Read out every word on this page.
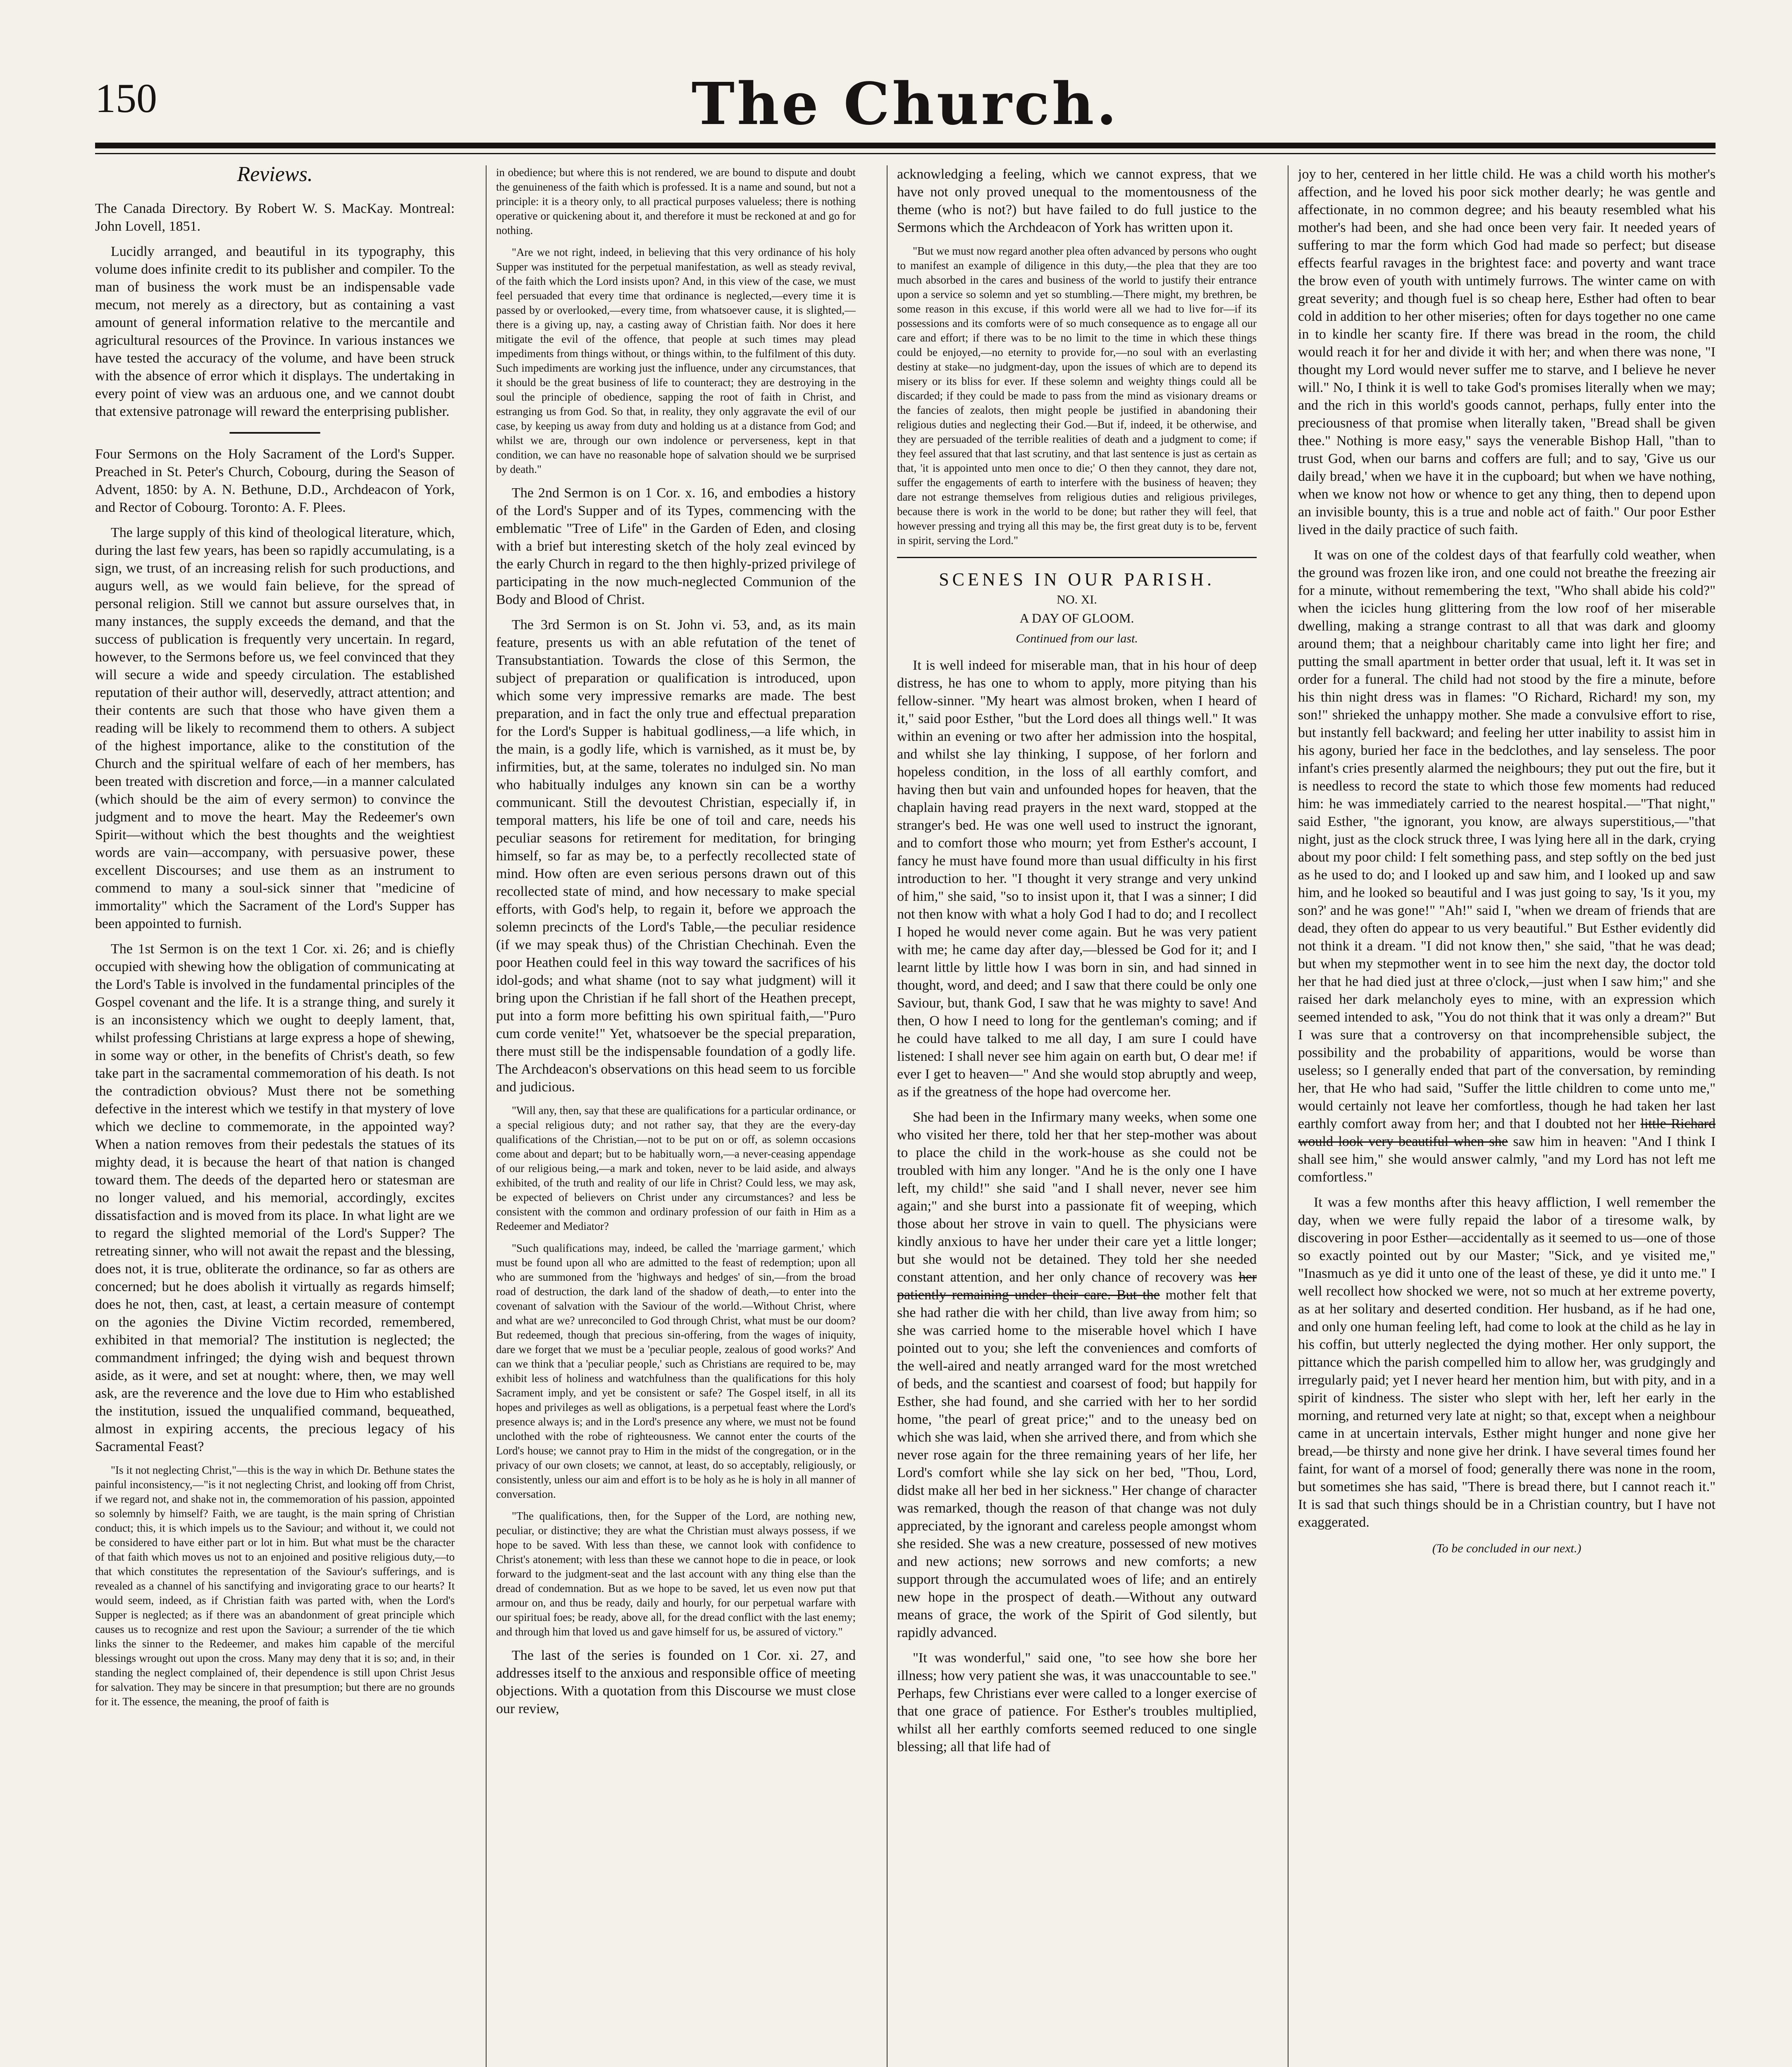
150	The Church.
Reviews.

The Canada Directory. By Robert W. S. MacKay. Montreal: John Lovell, 1851.

Lucidly arranged, and beautiful in its typography, this volume does infinite credit to its publisher and compiler. To the man of business the work must be an indispensable vade mecum, not merely as a directory, but as containing a vast amount of general information relative to the mercantile and agricultural resources of the Province. In various instances we have tested the accuracy of the volume, and have been struck with the absence of error which it displays. The undertaking in every point of view was an arduous one, and we cannot doubt that extensive patronage will reward the enterprising publisher.

Four Sermons on the Holy Sacrament of the Lord's Supper. Preached in St. Peter's Church, Cobourg, during the Season of Advent, 1850: by A. N. Bethune, D.D., Archdeacon of York, and Rector of Cobourg. Toronto: A. F. Plees.

The large supply of this kind of theological literature, which, during the last few years, has been so rapidly accumulating, is a sign, we trust, of an increasing relish for such productions, and augurs well, as we would fain believe, for the spread of personal religion. Still we cannot but assure ourselves that, in many instances, the supply exceeds the demand, and that the success of publication is frequently very uncertain. In regard, however, to the Sermons before us, we feel convinced that they will secure a wide and speedy circulation. The established reputation of their author will, deservedly, attract attention; and their contents are such that those who have given them a reading will be likely to recommend them to others. A subject of the highest importance, alike to the constitution of the Church and the spiritual welfare of each of her members, has been treated with discretion and force,—in a manner calculated (which should be the aim of every sermon) to convince the judgment and to move the heart. May the Redeemer's own Spirit—without which the best thoughts and the weightiest words are vain—accompany, with persuasive power, these excellent Discourses; and use them as an instrument to commend to many a soul-sick sinner that "medicine of immortality" which the Sacrament of the Lord's Supper has been appointed to furnish.

The 1st Sermon is on the text 1 Cor. xi. 26; and is chiefly occupied with shewing how the obligation of communicating at the Lord's Table is involved in the fundamental principles of the Gospel covenant and the life. It is a strange thing, and surely it is an inconsistency which we ought to deeply lament, that, whilst professing Christians at large express a hope of shewing, in some way or other, in the benefits of Christ's death, so few take part in the sacramental commemoration of his death. Is not the contradiction obvious? Must there not be something defective in the interest which we testify in that mystery of love which we decline to commemorate, in the appointed way? When a nation removes from their pedestals the statues of its mighty dead, it is because the heart of that nation is changed toward them. The deeds of the departed hero or statesman are no longer valued, and his memorial, accordingly, excites dissatisfaction and is moved from its place. In what light are we to regard the slighted memorial of the Lord's Supper? The retreating sinner, who will not await the repast and the blessing, does not, it is true, obliterate the ordinance, so far as others are concerned; but he does abolish it virtually as regards himself; does he not, then, cast, at least, a certain measure of contempt on the agonies the Divine Victim recorded, remembered, exhibited in that memorial? The institution is neglected; the commandment infringed; the dying wish and bequest thrown aside, as it were, and set at nought: where, then, we may well ask, are the reverence and the love due to Him who established the institution, issued the unqualified command, bequeathed, almost in expiring accents, the precious legacy of his Sacramental Feast?

"Is it not neglecting Christ,"—this is the way in which Dr. Bethune states the painful inconsistency,—"is it not neglecting Christ, and looking off from Christ, if we regard not, and shake not in, the commemoration of his passion, appointed so solemnly by himself? Faith, we are taught, is the main spring of Christian conduct; this, it is which impels us to the Saviour; and without it, we could not be considered to have either part or lot in him. But what must be the character of that faith which moves us not to an enjoined and positive religious duty,—to that which constitutes the representation of the Saviour's sufferings, and is revealed as a channel of his sanctifying and invigorating grace to our hearts? It would seem, indeed, as if Christian faith was parted with, when the Lord's Supper is neglected; as if there was an abandonment of great principle which causes us to recognize and rest upon the Saviour; a surrender of the tie which links the sinner to the Redeemer, and makes him capable of the merciful blessings wrought out upon the cross. Many may deny that it is so; and, in their standing the neglect complained of, their dependence is still upon Christ Jesus for salvation. They may be sincere in that presumption; but there are no grounds for it. The essence, the meaning, the proof of faith is

in obedience; but where this is not rendered, we are bound to dispute and doubt the genuineness of the faith which is professed. It is a name and sound, but not a principle: it is a theory only, to all practical purposes valueless; there is nothing operative or quickening about it, and therefore it must be reckoned at and go for nothing.

"Are we not right, indeed, in believing that this very ordinance of his holy Supper was instituted for the perpetual manifestation, as well as steady revival, of the faith which the Lord insists upon? And, in this view of the case, we must feel persuaded that every time that ordinance is neglected,—every time it is passed by or overlooked,—every time, from whatsoever cause, it is slighted,—there is a giving up, nay, a casting away of Christian faith. Nor does it here mitigate the evil of the offence, that people at such times may plead impediments from things without, or things within, to the fulfilment of this duty. Such impediments are working just the influence, under any circumstances, that it should be the great business of life to counteract; they are destroying in the soul the principle of obedience, sapping the root of faith in Christ, and estranging us from God. So that, in reality, they only aggravate the evil of our case, by keeping us away from duty and holding us at a distance from God; and whilst we are, through our own indolence or perverseness, kept in that condition, we can have no reasonable hope of salvation should we be surprised by death."

The 2nd Sermon is on 1 Cor. x. 16, and embodies a history of the Lord's Supper and of its Types, commencing with the emblematic "Tree of Life" in the Garden of Eden, and closing with a brief but interesting sketch of the holy zeal evinced by the early Church in regard to the then highly-prized privilege of participating in the now much-neglected Communion of the Body and Blood of Christ.

The 3rd Sermon is on St. John vi. 53, and, as its main feature, presents us with an able refutation of the tenet of Transubstantiation. Towards the close of this Sermon, the subject of preparation or qualification is introduced, upon which some very impressive remarks are made. The best preparation, and in fact the only true and effectual preparation for the Lord's Supper is habitual godliness,—a life which, in the main, is a godly life, which is varnished, as it must be, by infirmities, but, at the same, tolerates no indulged sin. No man who habitually indulges any known sin can be a worthy communicant. Still the devoutest Christian, especially if, in temporal matters, his life be one of toil and care, needs his peculiar seasons for retirement for meditation, for bringing himself, so far as may be, to a perfectly recollected state of mind. How often are even serious persons drawn out of this recollected state of mind, and how necessary to make special efforts, with God's help, to regain it, before we approach the solemn precincts of the Lord's Table,—the peculiar residence (if we may speak thus) of the Christian Chechinah. Even the poor Heathen could feel in this way toward the sacrifices of his idol-gods; and what shame (not to say what judgment) will it bring upon the Christian if he fall short of the Heathen precept, put into a form more befitting his own spiritual faith,—"Puro cum corde venite!" Yet, whatsoever be the special preparation, there must still be the indispensable foundation of a godly life. The Archdeacon's observations on this head seem to us forcible and judicious.

"Will any, then, say that these are qualifications for a particular ordinance, or a special religious duty; and not rather say, that they are the every-day qualifications of the Christian,—not to be put on or off, as solemn occasions come about and depart; but to be habitually worn,—a never-ceasing appendage of our religious being,—a mark and token, never to be laid aside, and always exhibited, of the truth and reality of our life in Christ? Could less, we may ask, be expected of believers on Christ under any circumstances? and less be consistent with the common and ordinary profession of our faith in Him as a Redeemer and Mediator?

"Such qualifications may, indeed, be called the 'marriage garment,' which must be found upon all who are admitted to the feast of redemption; upon all who are summoned from the 'highways and hedges' of sin,—from the broad road of destruction, the dark land of the shadow of death,—to enter into the covenant of salvation with the Saviour of the world.—Without Christ, where and what are we? unreconciled to God through Christ, what must be our doom? But redeemed, though that precious sin-offering, from the wages of iniquity, dare we forget that we must be a 'peculiar people, zealous of good works?' And can we think that a 'peculiar people,' such as Christians are required to be, may exhibit less of holiness and watchfulness than the qualifications for this holy Sacrament imply, and yet be consistent or safe? The Gospel itself, in all its hopes and privileges as well as obligations, is a perpetual feast where the Lord's presence always is; and in the Lord's presence any where, we must not be found unclothed with the robe of righteousness. We cannot enter the courts of the Lord's house; we cannot pray to Him in the midst of the congregation, or in the privacy of our own closets; we cannot, at least, do so acceptably, religiously, or consistently, unless our aim and effort is to be holy as he is holy in all manner of conversation.

"The qualifications, then, for the Supper of the Lord, are nothing new, peculiar, or distinctive; they are what the Christian must always possess, if we hope to be saved. With less than these, we cannot look with confidence to Christ's atonement; with less than these we cannot hope to die in peace, or look forward to the judgment-seat and the last account with any thing else than the dread of condemnation. But as we hope to be saved, let us even now put that armour on, and thus be ready, daily and hourly, for our perpetual warfare with our spiritual foes; be ready, above all, for the dread conflict with the last enemy; and through him that loved us and gave himself for us, be assured of victory."

The last of the series is founded on 1 Cor. xi. 27, and addresses itself to the anxious and responsible office of meeting objections. With a quotation from this Discourse we must close our review,

acknowledging a feeling, which we cannot express, that we have not only proved unequal to the momentousness of the theme (who is not?) but have failed to do full justice to the Sermons which the Archdeacon of York has written upon it.

"But we must now regard another plea often advanced by persons who ought to manifest an example of diligence in this duty,—the plea that they are too much absorbed in the cares and business of the world to justify their entrance upon a service so solemn and yet so stumbling.—There might, my brethren, be some reason in this excuse, if this world were all we had to live for—if its possessions and its comforts were of so much consequence as to engage all our care and effort; if there was to be no limit to the time in which these things could be enjoyed,—no eternity to provide for,—no soul with an everlasting destiny at stake—no judgment-day, upon the issues of which are to depend its misery or its bliss for ever. If these solemn and weighty things could all be discarded; if they could be made to pass from the mind as visionary dreams or the fancies of zealots, then might people be justified in abandoning their religious duties and neglecting their God.—But if, indeed, it be otherwise, and they are persuaded of the terrible realities of death and a judgment to come; if they feel assured that that last scrutiny, and that last sentence is just as certain as that, 'it is appointed unto men once to die;' O then they cannot, they dare not, suffer the engagements of earth to interfere with the business of heaven; they dare not estrange themselves from religious duties and religious privileges, because there is work in the world to be done; but rather they will feel, that however pressing and trying all this may be, the first great duty is to be, fervent in spirit, serving the Lord."

SCENES IN OUR PARISH.
NO. XI.
A DAY OF GLOOM.
Continued from our last.

It is well indeed for miserable man, that in his hour of deep distress, he has one to whom to apply, more pitying than his fellow-sinner. "My heart was almost broken, when I heard of it," said poor Esther, "but the Lord does all things well." It was within an evening or two after her admission into the hospital, and whilst she lay thinking, I suppose, of her forlorn and hopeless condition, in the loss of all earthly comfort, and having then but vain and unfounded hopes for heaven, that the chaplain having read prayers in the next ward, stopped at the stranger's bed. He was one well used to instruct the ignorant, and to comfort those who mourn; yet from Esther's account, I fancy he must have found more than usual difficulty in his first introduction to her. "I thought it very strange and very unkind of him," she said, "so to insist upon it, that I was a sinner; I did not then know with what a holy God I had to do; and I recollect I hoped he would never come again. But he was very patient with me; he came day after day,—blessed be God for it; and I learnt little by little how I was born in sin, and had sinned in thought, word, and deed; and I saw that there could be only one Saviour, but, thank God, I saw that he was mighty to save! And then, O how I need to long for the gentleman's coming; and if he could have talked to me all day, I am sure I could have listened: I shall never see him again on earth but, O dear me! if ever I get to heaven—" And she would stop abruptly and weep, as if the greatness of the hope had overcome her.

She had been in the Infirmary many weeks, when some one who visited her there, told her that her step-mother was about to place the child in the work-house as she could not be troubled with him any longer. "And he is the only one I have left, my child!" she said "and I shall never, never see him again;" and she burst into a passionate fit of weeping, which those about her strove in vain to quell. The physicians were kindly anxious to have her under their care yet a little longer; but she would not be detained. They told her she needed constant attention, and her only chance of recovery was her patiently remaining under their care. But the mother felt that she had rather die with her child, than live away from him; so she was carried home to the miserable hovel which I have pointed out to you; she left the conveniences and comforts of the well-aired and neatly arranged ward for the most wretched of beds, and the scantiest and coarsest of food; but happily for Esther, she had found, and she carried with her to her sordid home, "the pearl of great price;" and to the uneasy bed on which she was laid, when she arrived there, and from which she never rose again for the three remaining years of her life, her Lord's comfort while she lay sick on her bed, "Thou, Lord, didst make all her bed in her sickness." Her change of character was remarked, though the reason of that change was not duly appreciated, by the ignorant and careless people amongst whom she resided. She was a new creature, possessed of new motives and new actions; new sorrows and new comforts; a new support through the accumulated woes of life; and an entirely new hope in the prospect of death.—Without any outward means of grace, the work of the Spirit of God silently, but rapidly advanced.

"It was wonderful," said one, "to see how she bore her illness; how very patient she was, it was unaccountable to see." Perhaps, few Christians ever were called to a longer exercise of that one grace of patience. For Esther's troubles multiplied, whilst all her earthly comforts seemed reduced to one single blessing; all that life had of

joy to her, centered in her little child. He was a child worth his mother's affection, and he loved his poor sick mother dearly; he was gentle and affectionate, in no common degree; and his beauty resembled what his mother's had been, and she had once been very fair. It needed years of suffering to mar the form which God had made so perfect; but disease effects fearful ravages in the brightest face: and poverty and want trace the brow even of youth with untimely furrows. The winter came on with great severity; and though fuel is so cheap here, Esther had often to bear cold in addition to her other miseries; often for days together no one came in to kindle her scanty fire. If there was bread in the room, the child would reach it for her and divide it with her; and when there was none, "I thought my Lord would never suffer me to starve, and I believe he never will." No, I think it is well to take God's promises literally when we may; and the rich in this world's goods cannot, perhaps, fully enter into the preciousness of that promise when literally taken, "Bread shall be given thee." Nothing is more easy," says the venerable Bishop Hall, "than to trust God, when our barns and coffers are full; and to say, 'Give us our daily bread,' when we have it in the cupboard; but when we have nothing, when we know not how or whence to get any thing, then to depend upon an invisible bounty, this is a true and noble act of faith." Our poor Esther lived in the daily practice of such faith.

It was on one of the coldest days of that fearfully cold weather, when the ground was frozen like iron, and one could not breathe the freezing air for a minute, without remembering the text, "Who shall abide his cold?" when the icicles hung glittering from the low roof of her miserable dwelling, making a strange contrast to all that was dark and gloomy around them; that a neighbour charitably came into light her fire; and putting the small apartment in better order that usual, left it. It was set in order for a funeral. The child had not stood by the fire a minute, before his thin night dress was in flames: "O Richard, Richard! my son, my son!" shrieked the unhappy mother. She made a convulsive effort to rise, but instantly fell backward; and feeling her utter inability to assist him in his agony, buried her face in the bedclothes, and lay senseless. The poor infant's cries presently alarmed the neighbours; they put out the fire, but it is needless to record the state to which those few moments had reduced him: he was immediately carried to the nearest hospital.—"That night," said Esther, "the ignorant, you know, are always superstitious,—"that night, just as the clock struck three, I was lying here all in the dark, crying about my poor child: I felt something pass, and step softly on the bed just as he used to do; and I looked up and saw him, and I looked up and saw him, and he looked so beautiful and I was just going to say, 'Is it you, my son?' and he was gone!" "Ah!" said I, "when we dream of friends that are dead, they often do appear to us very beautiful." But Esther evidently did not think it a dream. "I did not know then," she said, "that he was dead; but when my stepmother went in to see him the next day, the doctor told her that he had died just at three o'clock,—just when I saw him;" and she raised her dark melancholy eyes to mine, with an expression which seemed intended to ask, "You do not think that it was only a dream?" But I was sure that a controversy on that incomprehensible subject, the possibility and the probability of apparitions, would be worse than useless; so I generally ended that part of the conversation, by reminding her, that He who had said, "Suffer the little children to come unto me," would certainly not leave her comfortless, though he had taken her last earthly comfort away from her; and that I doubted not her little Richard would look very beautiful when she saw him in heaven: "And I think I shall see him," she would answer calmly, "and my Lord has not left me comfortless."

It was a few months after this heavy affliction, I well remember the day, when we were fully repaid the labor of a tiresome walk, by discovering in poor Esther—accidentally as it seemed to us—one of those so exactly pointed out by our Master; "Sick, and ye visited me," "Inasmuch as ye did it unto one of the least of these, ye did it unto me." I well recollect how shocked we were, not so much at her extreme poverty, as at her solitary and deserted condition. Her husband, as if he had one, and only one human feeling left, had come to look at the child as he lay in his coffin, but utterly neglected the dying mother. Her only support, the pittance which the parish compelled him to allow her, was grudgingly and irregularly paid; yet I never heard her mention him, but with pity, and in a spirit of kindness. The sister who slept with her, left her early in the morning, and returned very late at night; so that, except when a neighbour came in at uncertain intervals, Esther might hunger and none give her bread,—be thirsty and none give her drink. I have several times found her faint, for want of a morsel of food; generally there was none in the room, but sometimes she has said, "There is bread there, but I cannot reach it." It is sad that such things should be in a Christian country, but I have not exaggerated.

(To be concluded in our next.)
